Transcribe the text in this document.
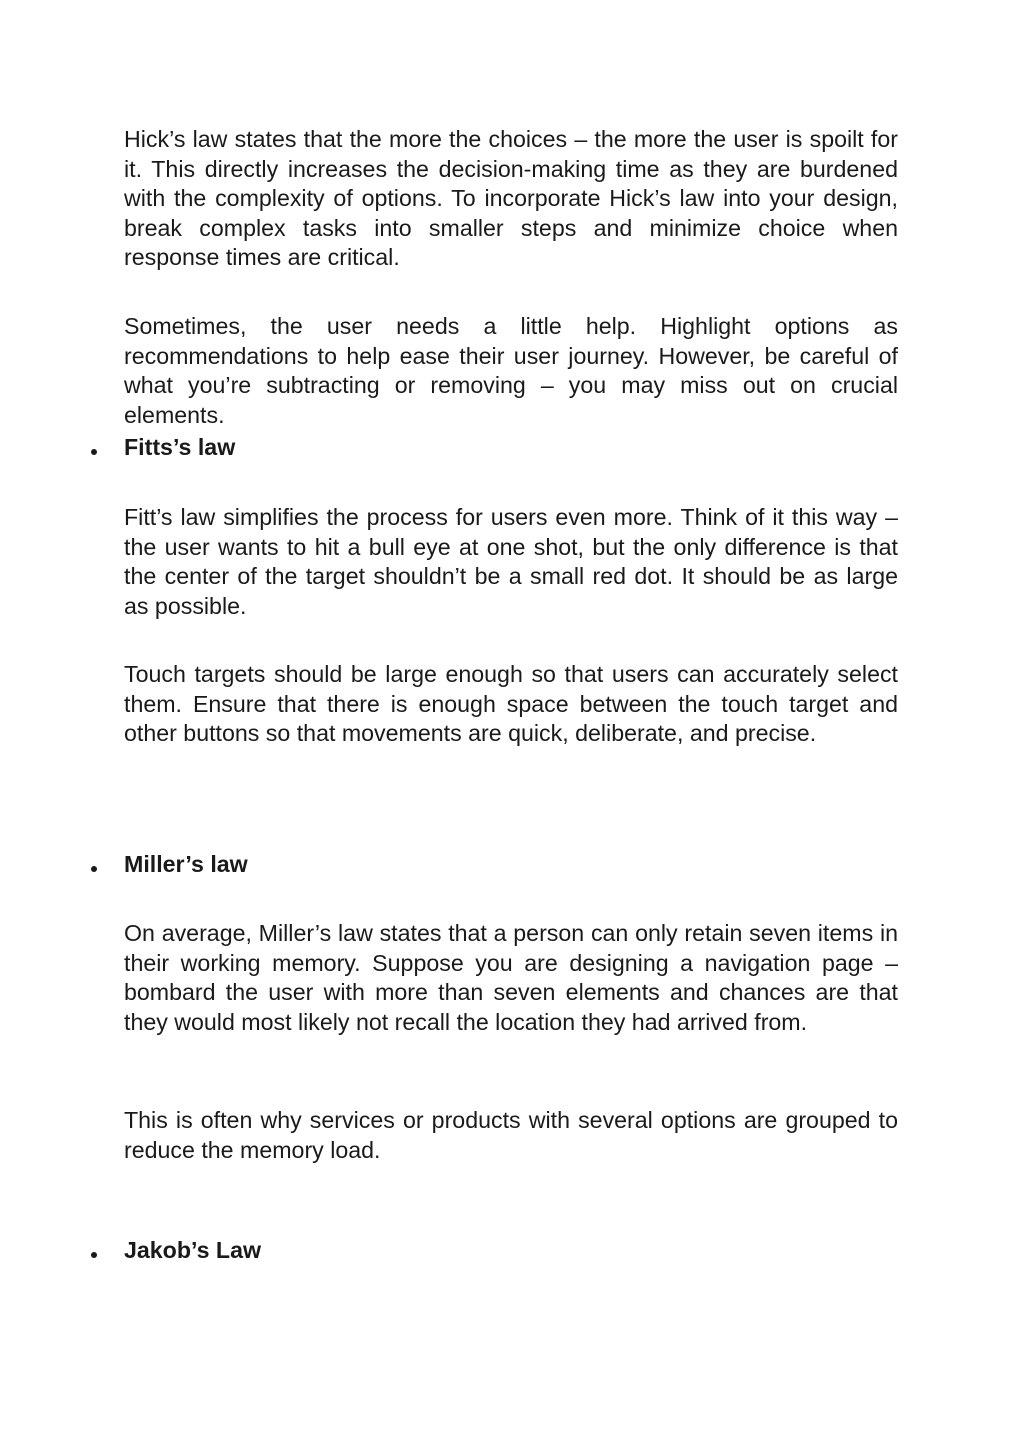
Hick’s law states that the more the choices – the more the user is spoilt for it. This directly increases the decision-making time as they are burdened with the complexity of options. To incorporate Hick’s law into your design, break complex tasks into smaller steps and minimize choice when response times are critical.

Sometimes, the user needs a little help. Highlight options as recommendations to help ease their user journey. However, be careful of what you’re subtracting or removing – you may miss out on crucial elements.

Fitts’s law

Fitt’s law simplifies the process for users even more. Think of it this way – the user wants to hit a bull eye at one shot, but the only difference is that the center of the target shouldn’t be a small red dot. It should be as large as possible.

Touch targets should be large enough so that users can accurately select them. Ensure that there is enough space between the touch target and other buttons so that movements are quick, deliberate, and precise.

Miller’s law

On average, Miller’s law states that a person can only retain seven items in their working memory. Suppose you are designing a navigation page – bombard the user with more than seven elements and chances are that they would most likely not recall the location they had arrived from.

This is often why services or products with several options are grouped to reduce the memory load.

Jakob’s Law
